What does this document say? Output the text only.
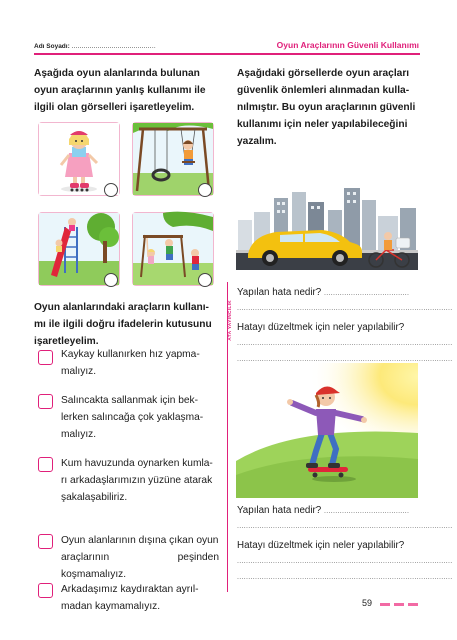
Adı Soyadı: ..........................................	Oyun Araçlarının Güvenli Kullanımı
Aşağıda oyun alanlarında bulunan
oyun araçlarının yanlış kullanımı ile
ilgili olan görselleri işaretleyelim.
Oyun alanlarındaki araçların kullanı-
mı ile ilgili doğru ifadelerin kutusunu
işaretleyelim.
Kaykay kullanırken hız yapma-
malıyız.
Salıncakta sallanmak için bek-
lerken salıncağa çok yaklaşma-
malıyız.
Kum havuzunda oynarken kumla-
rı arkadaşlarımızın yüzüne atarak
şakalaşabiliriz.
Oyun alanlarının dışına çıkan oyun
araçlarının peşinden koşmamalıyız.
Arkadaşımız kaydıraktan ayrıl-
madan kaymamalıyız.
Aşağıdaki görsellerde oyun araçları
güvenlik önlemleri alınmadan kulla-
nılmıştır. Bu oyun araçlarının güvenli
kullanımı için neler yapılabileceğini
yazalım.
Yapılan hata nedir? ......................................
................................................................................................
Hatayı düzeltmek için neler yapılabilir?
................................................................................................
................................................................................................
Yapılan hata nedir? ......................................
................................................................................................
Hatayı düzeltmek için neler yapılabilir?
................................................................................................
................................................................................................
ATA YAYINCILIK
59
